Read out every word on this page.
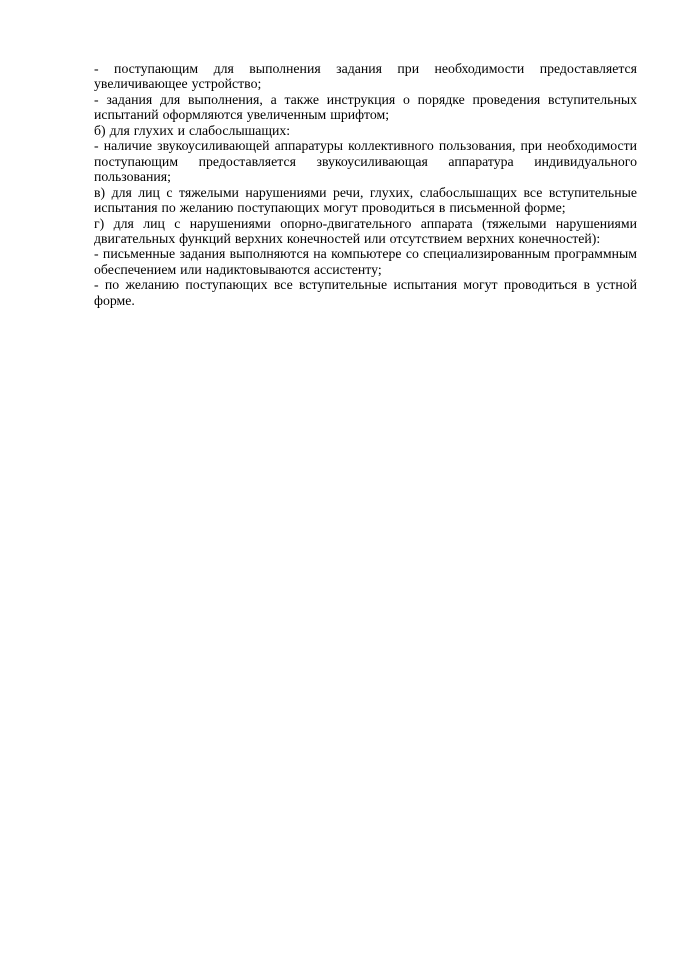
- поступающим для выполнения задания при необходимости предоставляется увеличивающее устройство;

- задания для выполнения, а также инструкция о порядке проведения вступительных испытаний оформляются увеличенным шрифтом;

б) для глухих и слабослышащих:

- наличие звукоусиливающей аппаратуры коллективного пользования, при необходимости поступающим предоставляется звукоусиливающая аппаратура индивидуального пользования;

в) для лиц с тяжелыми нарушениями речи, глухих, слабослышащих все вступительные испытания по желанию поступающих могут проводиться в письменной форме;

г) для лиц с нарушениями опорно-двигательного аппарата (тяжелыми нарушениями двигательных функций верхних конечностей или отсутствием верхних конечностей):

- письменные задания выполняются на компьютере со специализированным программным обеспечением или надиктовываются ассистенту;

- по желанию поступающих все вступительные испытания могут проводиться в устной форме.
